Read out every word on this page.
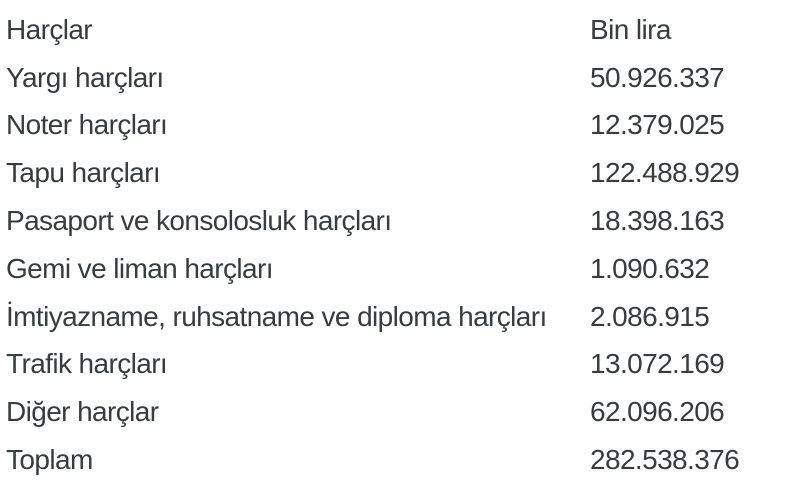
Harçlar	Bin lira
Yargı harçları	50.926.337
Noter harçları	12.379.025
Tapu harçları	122.488.929
Pasaport ve konsolosluk harçları	18.398.163
Gemi ve liman harçları	1.090.632
İmtiyazname, ruhsatname ve diploma harçları	2.086.915
Trafik harçları	13.072.169
Diğer harçlar	62.096.206
Toplam	282.538.376
